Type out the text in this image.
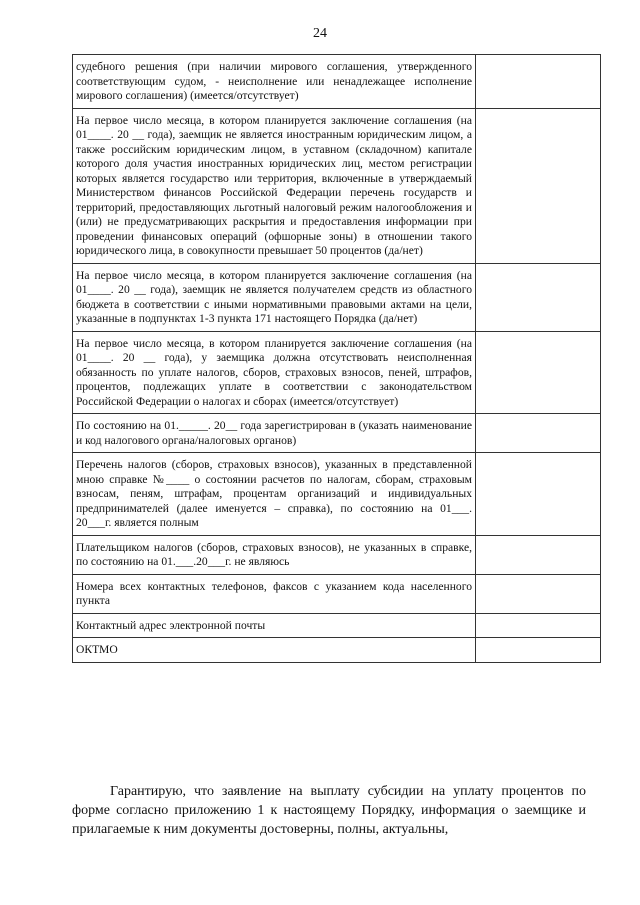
24
судебного решения (при наличии мирового соглашения, утвержденного соответствующим судом, - неисполнение или ненадлежащее исполнение мирового соглашения) (имеется/отсутствует)	
На первое число месяца, в котором планируется заключение соглашения (на 01____. 20 __ года), заемщик не является иностранным юридическим лицом, а также российским юридическим лицом, в уставном (складочном) капитале которого доля участия иностранных юридических лиц, местом регистрации которых является государство или территория, включенные в утверждаемый Министерством финансов Российской Федерации перечень государств и территорий, предоставляющих льготный налоговый режим налогообложения и (или) не предусматривающих раскрытия и предоставления информации при проведении финансовых операций (офшорные зоны) в отношении такого юридического лица, в совокупности превышает 50 процентов (да/нет)	
На первое число месяца, в котором планируется заключение соглашения (на 01____. 20 __ года), заемщик не является получателем средств из областного бюджета в соответствии с иными нормативными правовыми актами на цели, указанные в подпунктах 1-3 пункта 171 настоящего Порядка (да/нет)	
На первое число месяца, в котором планируется заключение соглашения (на 01____. 20 __ года), у заемщика должна отсутствовать неисполненная обязанность по уплате налогов, сборов, страховых взносов, пеней, штрафов, процентов, подлежащих уплате в соответствии с законодательством Российской Федерации о налогах и сборах (имеется/отсутствует)	
По состоянию на 01._____. 20__ года зарегистрирован в (указать наименование и код налогового органа/налоговых органов)	
Перечень налогов (сборов, страховых взносов), указанных в представленной мною справке №____ о состоянии расчетов по налогам, сборам, страховым взносам, пеням, штрафам, процентам организаций и индивидуальных предпринимателей (далее именуется – справка), по состоянию на 01___. 20___г. является полным	
Плательщиком налогов (сборов, страховых взносов), не указанных в справке, по состоянию на 01.___.20___г. не являюсь	
Номера всех контактных телефонов, факсов с указанием кода населенного пункта	
Контактный адрес электронной почты	
ОКТМО	
Гарантирую, что заявление на выплату субсидии на уплату процентов по форме согласно приложению 1 к настоящему Порядку, информация о заемщике и прилагаемые к ним документы достоверны, полны, актуальны,
